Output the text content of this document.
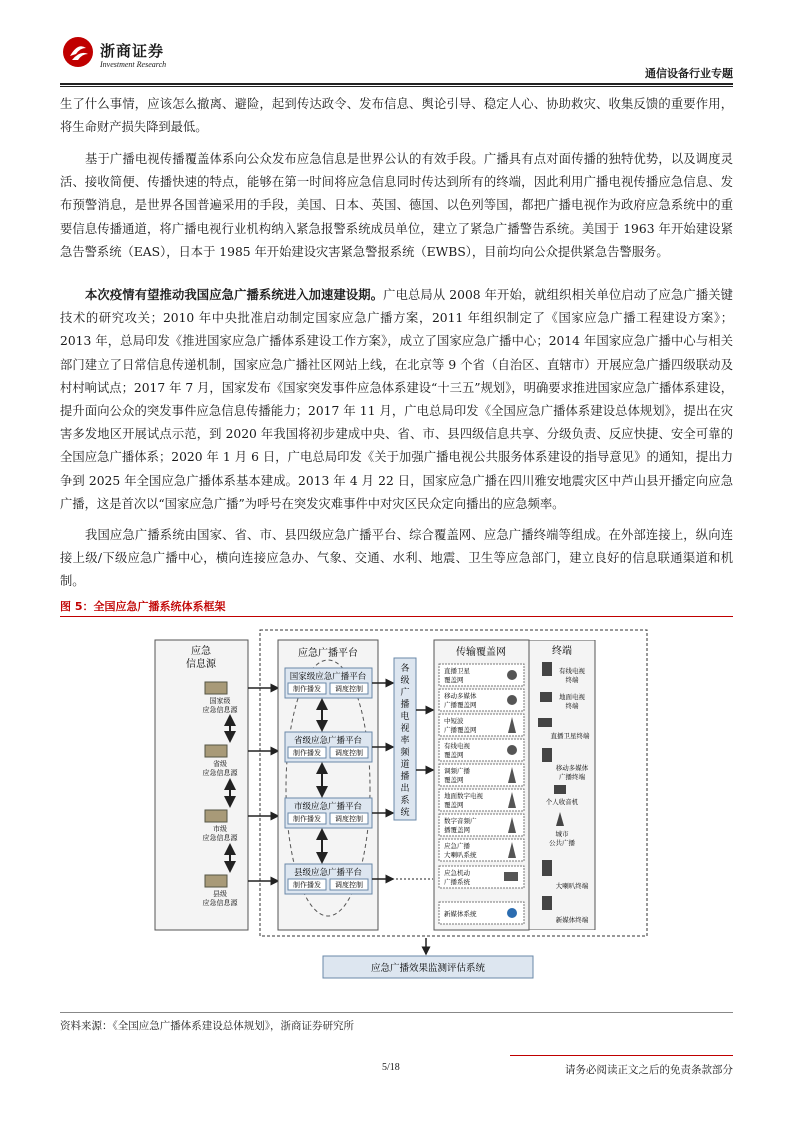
浙商证券
Investment Research
通信设备行业专题

生了什么事情，应该怎么撤离、避险，起到传达政令、发布信息、舆论引导、稳定人心、协助救灾、收集反馈的重要作用，将生命财产损失降到最低。

基于广播电视传播覆盖体系向公众发布应急信息是世界公认的有效手段。广播具有点对面传播的独特优势，以及调度灵活、接收简便、传播快速的特点，能够在第一时间将应急信息同时传达到所有的终端，因此利用广播电视传播应急信息、发布预警消息，是世界各国普遍采用的手段，美国、日本、英国、德国、以色列等国，都把广播电视作为政府应急系统中的重要信息传播通道，将广播电视行业机构纳入紧急报警系统成员单位，建立了紧急广播警告系统。美国于 1963 年开始建设紧急告警系统（EAS），日本于 1985 年开始建设灾害紧急警报系统（EWBS），目前均向公众提供紧急告警服务。

本次疫情有望推动我国应急广播系统进入加速建设期。广电总局从 2008 年开始，就组织相关单位启动了应急广播关键技术的研究攻关；2010 年中央批准启动制定国家应急广播方案，2011 年组织制定了《国家应急广播工程建设方案》；2013 年，总局印发《推进国家应急广播体系建设工作方案》，成立了国家应急广播中心；2014 年国家应急广播中心与相关部门建立了日常信息传递机制，国家应急广播社区网站上线，在北京等 9 个省（自治区、直辖市）开展应急广播四级联动及村村响试点；2017 年 7 月，国家发布《国家突发事件应急体系建设“十三五”规划》，明确要求推进国家应急广播体系建设，提升面向公众的突发事件应急信息传播能力；2017 年 11 月，广电总局印发《全国应急广播体系建设总体规划》，提出在灾害多发地区开展试点示范，到 2020 年我国将初步建成中央、省、市、县四级信息共享、分级负责、反应快捷、安全可靠的全国应急广播体系；2020 年 1 月 6 日，广电总局印发《关于加强广播电视公共服务体系建设的指导意见》的通知，提出力争到 2025 年全国应急广播体系基本建成。2013 年 4 月 22 日，国家应急广播在四川雅安地震灾区中芦山县开播定向应急广播，这是首次以“国家应急广播”为呼号在突发灾难事件中对灾区民众定向播出的应急频率。

我国应急广播系统由国家、省、市、县四级应急广播平台、综合覆盖网、应急广播终端等组成。在外部连接上，纵向连接上级/下级应急广播中心，横向连接应急办、气象、交通、水利、地震、卫生等应急部门，建立良好的信息联通渠道和机制。

图 5：全国应急广播系统体系框架
应急
信息源
国家级
应急信息源
省级
应急信息源
市级
应急信息源
县级
应急信息源
应急广播平台
国家级应急广播平台
制作播发 调度控制
省级应急广播平台
制作播发 调度控制
市级应急广播平台
制作播发 调度控制
县级应急广播平台
制作播发 调度控制
各
级
广
播
电
视
率
频
道
播
出
系
统
传输覆盖网
直播卫星
覆盖网
移动多媒体
广播覆盖网
中短波
广播覆盖网
有线电视
覆盖网
调频广播
覆盖网
地面数字电视
覆盖网
数字音频广
播覆盖网
应急广播
大喇叭系统
应急机动
广播系统
新媒体系统
终端
有线电视
终端
地面电视
终端
直播卫星终端
移动多媒体
广播终端
个人收音机
城市
公共广播
大喇叭终端
新媒体终端
应急广播效果监测评估系统
资料来源：《全国应急广播体系建设总体规划》，浙商证券研究所
5/18	请务必阅读正文之后的免责条款部分
